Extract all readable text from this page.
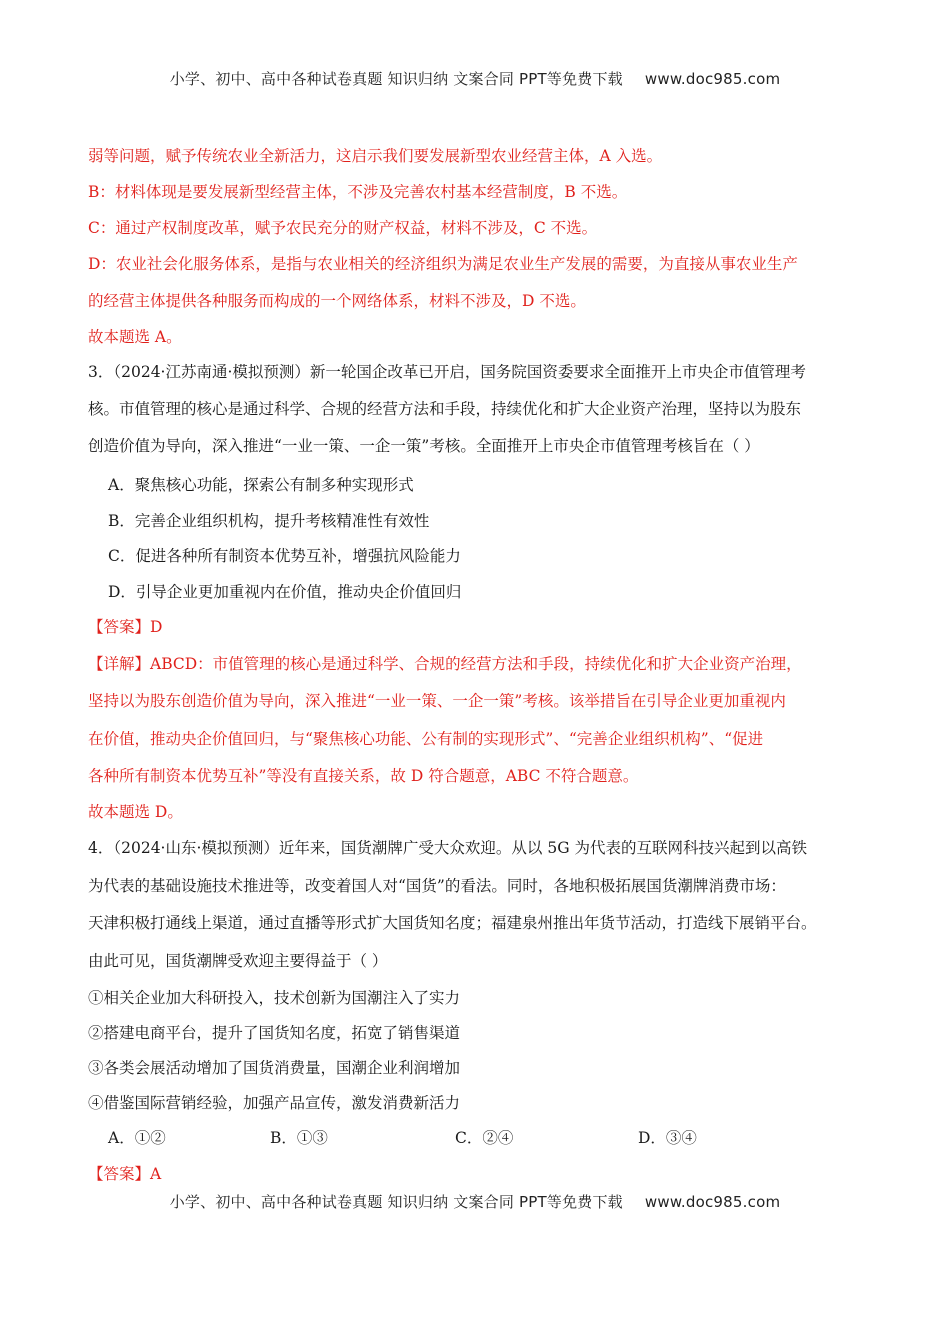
小学、初中、高中各种试卷真题 知识归纳 文案合同 PPT等免费下载 www.doc985.com
弱等问题，赋予传统农业全新活力，这启示我们要发展新型农业经营主体，A 入选。
B：材料体现是要发展新型经营主体，不涉及完善农村基本经营制度，B 不选。
C：通过产权制度改革，赋予农民充分的财产权益，材料不涉及，C 不选。
D：农业社会化服务体系，是指与农业相关的经济组织为满足农业生产发展的需要，为直接从事农业生产
的经营主体提供各种服务而构成的一个网络体系，材料不涉及，D 不选。
故本题选 A。
3．（2024·江苏南通·模拟预测）新一轮国企改革已开启，国务院国资委要求全面推开上市央企市值管理考
核。市值管理的核心是通过科学、合规的经营方法和手段，持续优化和扩大企业资产治理，坚持以为股东
创造价值为导向，深入推进“一业一策、一企一策”考核。全面推开上市央企市值管理考核旨在（ ）
A．聚焦核心功能，探索公有制多种实现形式
B．完善企业组织机构，提升考核精准性有效性
C．促进各种所有制资本优势互补，增强抗风险能力
D．引导企业更加重视内在价值，推动央企价值回归
【答案】D
【详解】ABCD：市值管理的核心是通过科学、合规的经营方法和手段，持续优化和扩大企业资产治理，
坚持以为股东创造价值为导向，深入推进“一业一策、一企一策”考核。该举措旨在引导企业更加重视内
在价值，推动央企价值回归，与“聚焦核心功能、公有制的实现形式”、“完善企业组织机构”、“促进
各种所有制资本优势互补”等没有直接关系，故 D 符合题意，ABC 不符合题意。
故本题选 D。
4．（2024·山东·模拟预测）近年来，国货潮牌广受大众欢迎。从以 5G 为代表的互联网科技兴起到以高铁
为代表的基础设施技术推进等，改变着国人对“国货”的看法。同时，各地积极拓展国货潮牌消费市场：
天津积极打通线上渠道，通过直播等形式扩大国货知名度；福建泉州推出年货节活动，打造线下展销平台。
由此可见，国货潮牌受欢迎主要得益于（ ）
①相关企业加大科研投入，技术创新为国潮注入了实力
②搭建电商平台，提升了国货知名度，拓宽了销售渠道
③各类会展活动增加了国货消费量，国潮企业利润增加
④借鉴国际营销经验，加强产品宣传，激发消费新活力
A．①②	B．①③	C．②④	D．③④
【答案】A
小学、初中、高中各种试卷真题 知识归纳 文案合同 PPT等免费下载 www.doc985.com
